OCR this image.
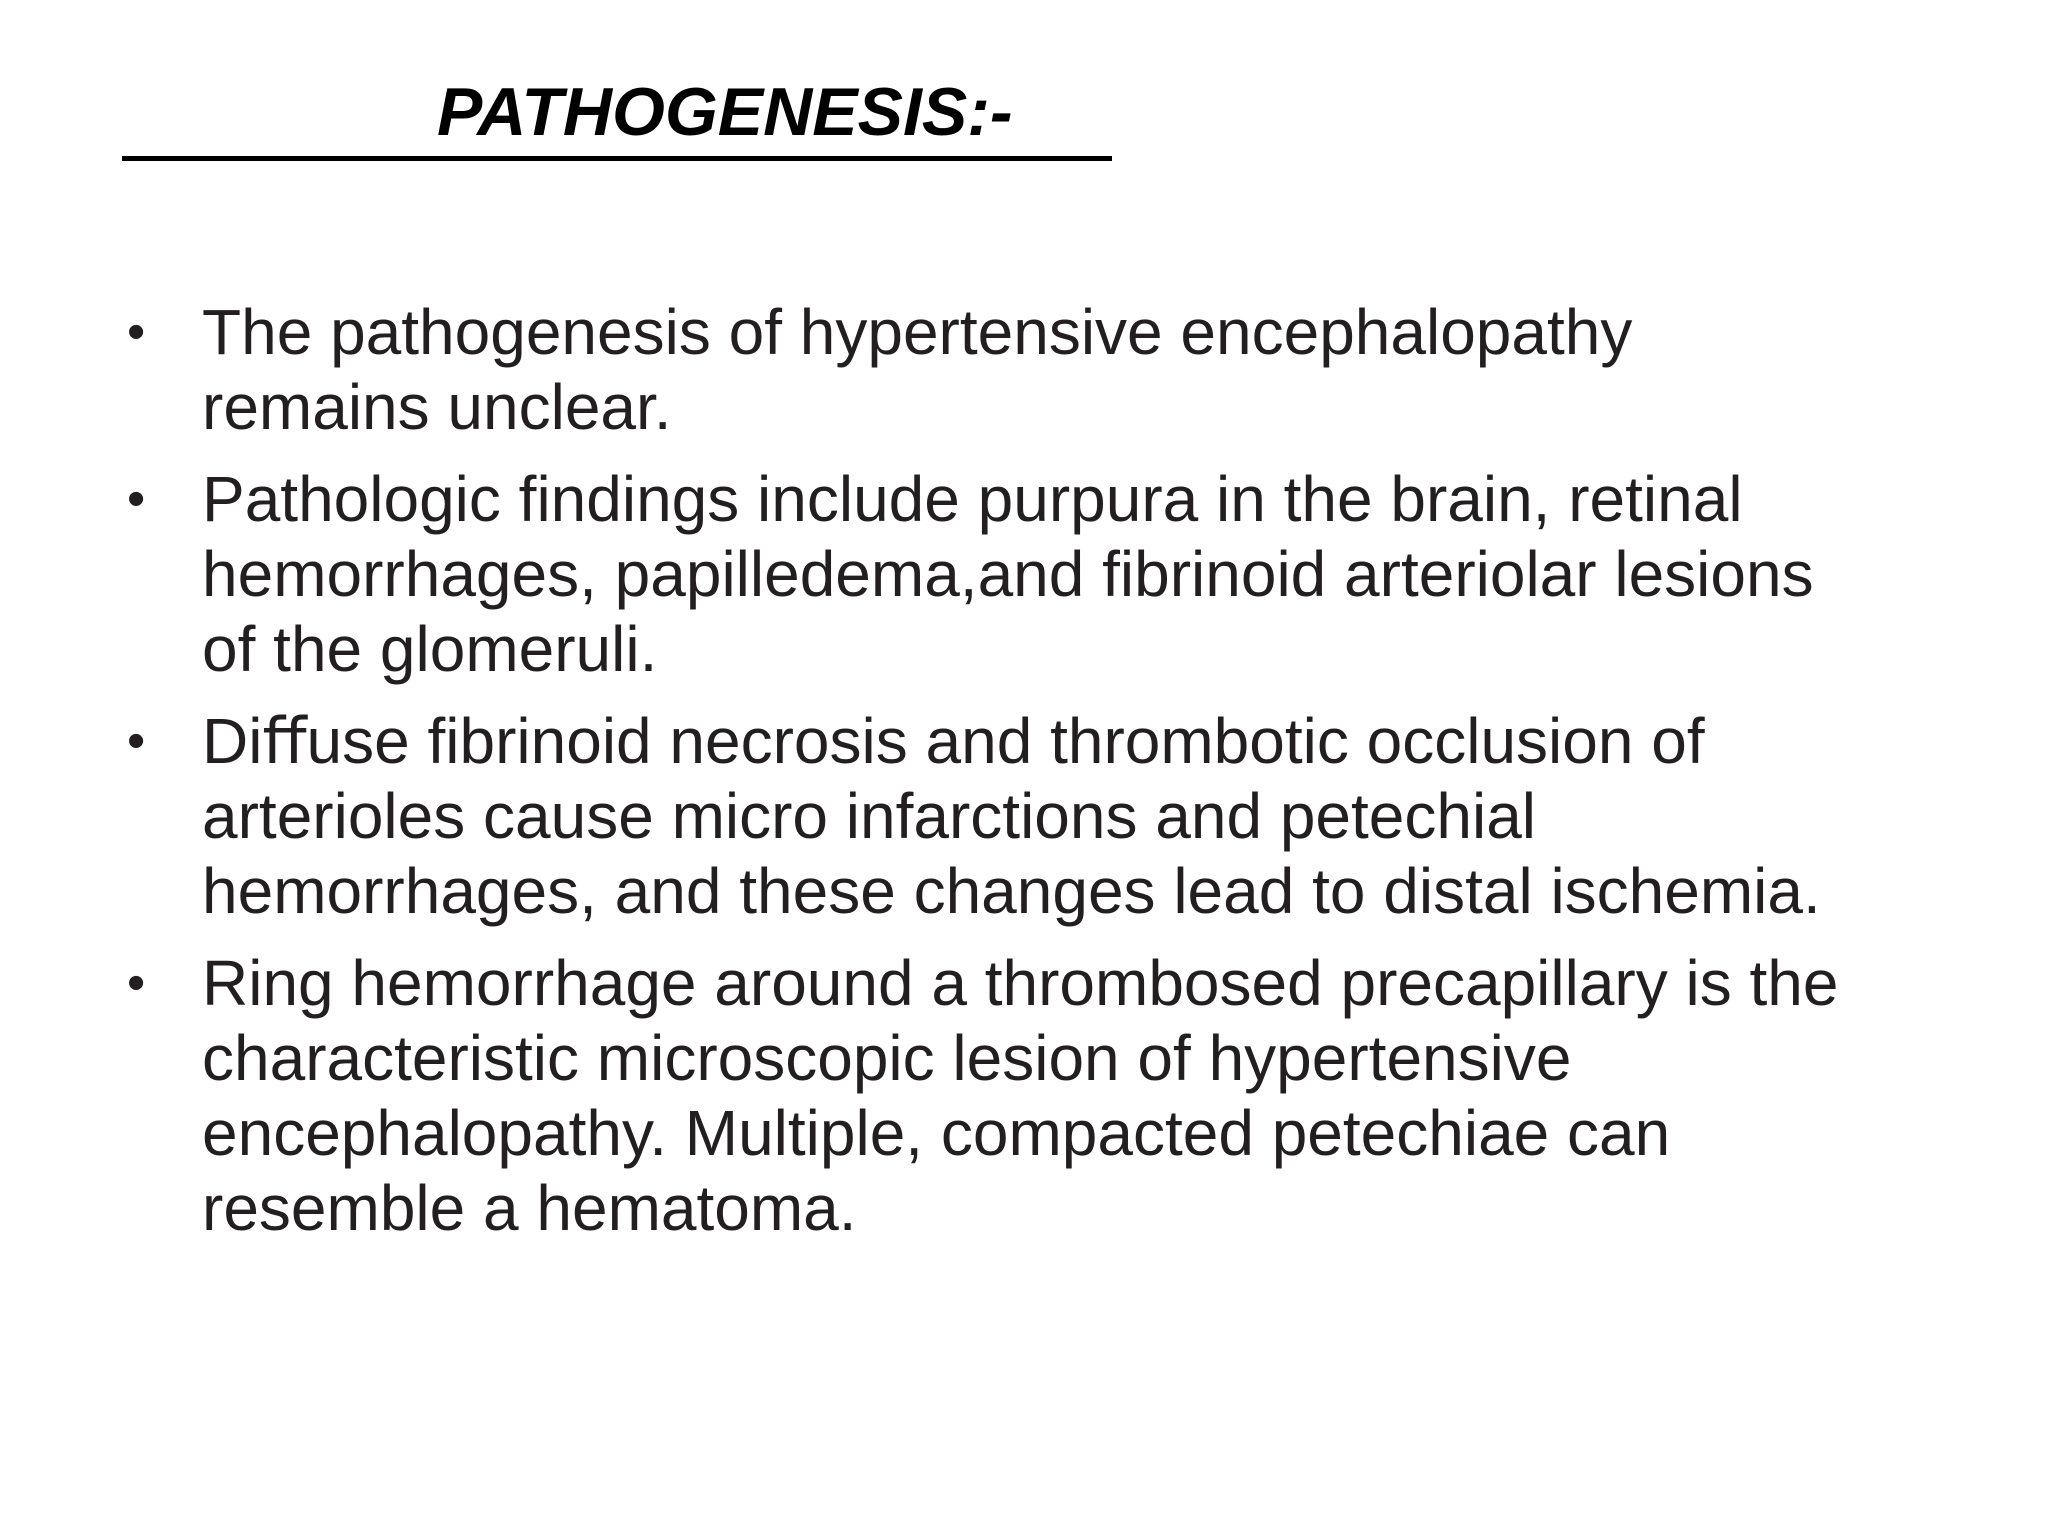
PATHOGENESIS:-
• The pathogenesis of hypertensive encephalopathy
remains unclear.
• Pathologic findings include purpura in the brain, retinal
hemorrhages, papilledema,and fibrinoid arteriolar lesions
of the glomeruli.
• Diﬀuse fibrinoid necrosis and thrombotic occlusion of
arterioles cause micro infarctions and petechial
hemorrhages, and these changes lead to distal ischemia.
• Ring hemorrhage around a thrombosed precapillary is the
characteristic microscopic lesion of hypertensive
encephalopathy. Multiple, compacted petechiae can
resemble a hematoma.
